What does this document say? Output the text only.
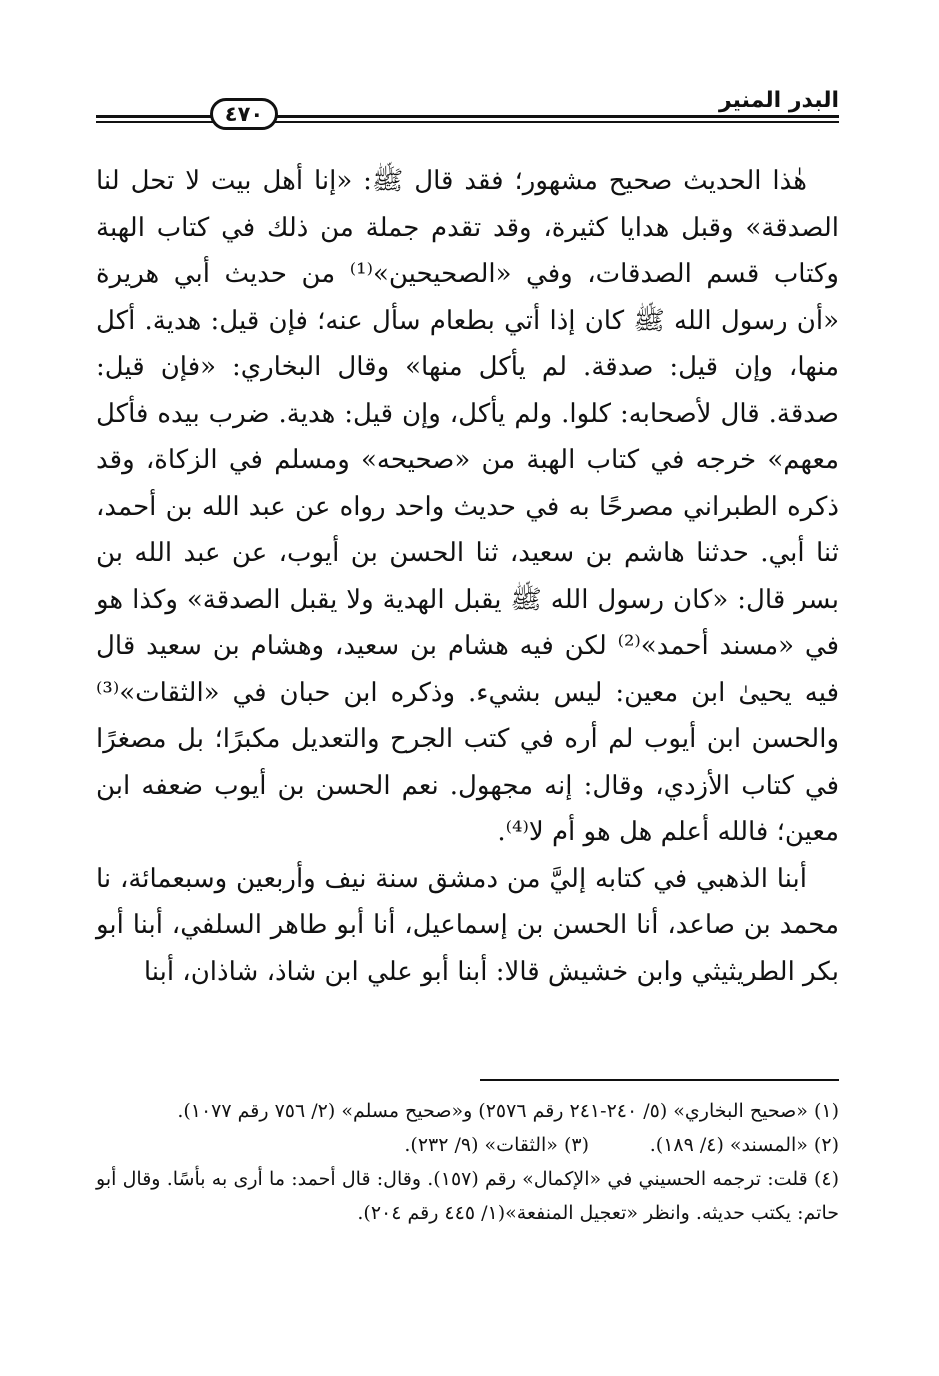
البدر المنير
٤٧٠

هٰذا الحديث صحيح مشهور؛ فقد قال ﷺ: «إنا أهل بيت لا تحل لنا الصدقة» وقبل هدايا كثيرة، وقد تقدم جملة من ذلك في كتاب الهبة وكتاب قسم الصدقات، وفي «الصحيحين»⁽¹⁾ من حديث أبي هريرة «أن رسول الله ﷺ كان إذا أتي بطعام سأل عنه؛ فإن قيل: هدية. أكل منها، وإن قيل: صدقة. لم يأكل منها» وقال البخاري: «فإن قيل: صدقة. قال لأصحابه: كلوا. ولم يأكل، وإن قيل: هدية. ضرب بيده فأكل معهم» خرجه في كتاب الهبة من «صحيحه» ومسلم في الزكاة، وقد ذكره الطبراني مصرحًا به في حديث واحد رواه عن عبد الله بن أحمد، ثنا أبي. حدثنا هاشم بن سعيد، ثنا الحسن بن أيوب، عن عبد الله بن بسر قال: «كان رسول الله ﷺ يقبل الهدية ولا يقبل الصدقة» وكذا هو في «مسند أحمد»⁽²⁾ لكن فيه هشام بن سعيد، وهشام بن سعيد قال فيه يحيىٰ ابن معين: ليس بشيء. وذكره ابن حبان في «الثقات»⁽³⁾ والحسن ابن أيوب لم أره في كتب الجرح والتعديل مكبرًا؛ بل مصغرًا في كتاب الأزدي، وقال: إنه مجهول. نعم الحسن بن أيوب ضعفه ابن معين؛ فالله أعلم هل هو أم لا⁽⁴⁾.

أبنا الذهبي في كتابه إليَّ من دمشق سنة نيف وأربعين وسبعمائة، نا محمد بن صاعد، أنا الحسن بن إسماعيل، أنا أبو طاهر السلفي، أبنا أبو بكر الطريثيثي وابن خشيش قالا: أبنا أبو علي ابن شاذ، شاذان، أبنا

(١) «صحيح البخاري» (٥/ ٢٤٠-٢٤١ رقم ٢٥٧٦) و«صحيح مسلم» (٢/ ٧٥٦ رقم ١٠٧٧).

(٢) «المسند» (٤/ ١٨٩).
(٣) «الثقات» (٩/ ٢٣٢).

(٤) قلت: ترجمه الحسيني في «الإكمال» رقم (١٥٧). وقال: قال أحمد: ما أرى به بأسًا. وقال أبو حاتم: يكتب حديثه. وانظر «تعجيل المنفعة»(١/ ٤٤٥ رقم ٢٠٤).
